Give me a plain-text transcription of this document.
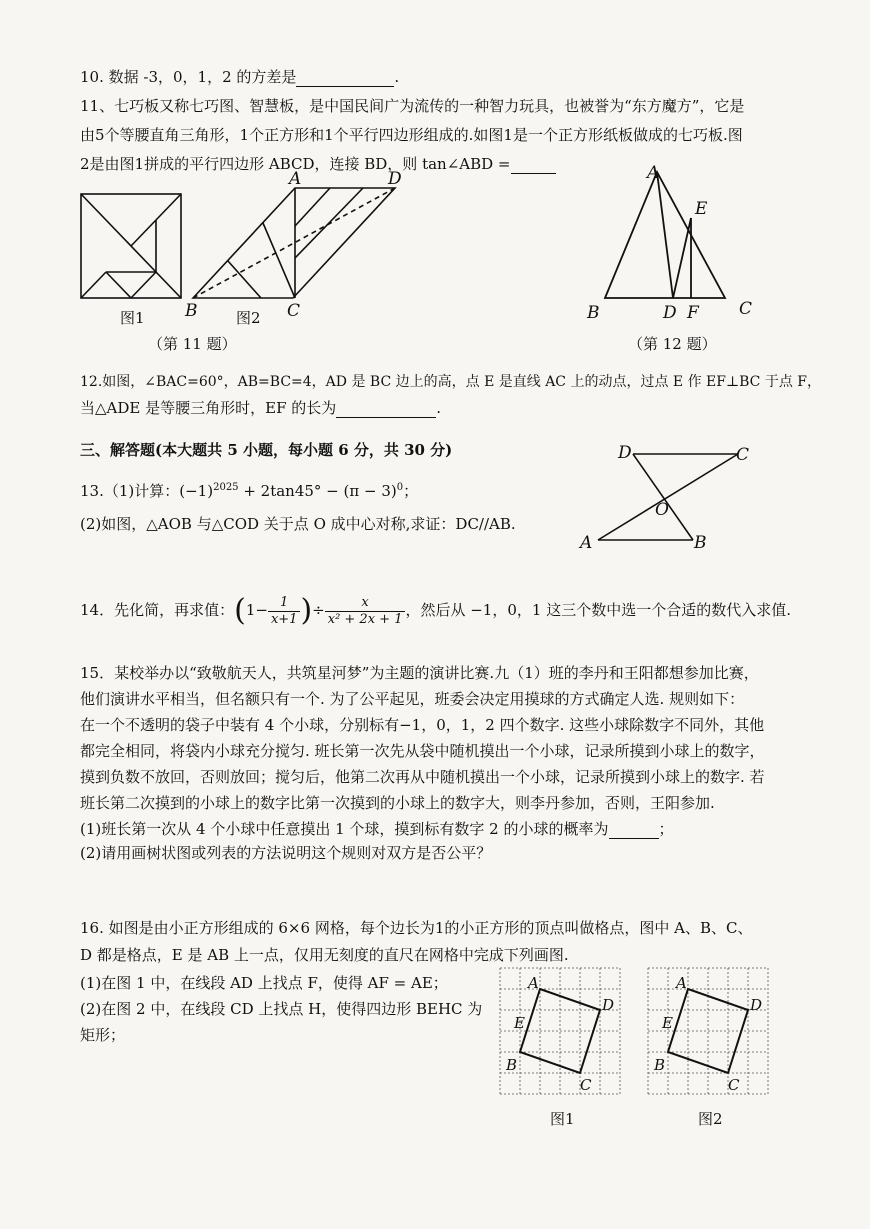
10. 数据 -3，0，1，2 的方差是	.
11、七巧板又称七巧图、智慧板，是中国民间广为流传的一种智力玩具，也被誉为“东方魔方”，它是
由5个等腰直角三角形，1个正方形和1个平行四边形组成的.如图1是一个正方形纸板做成的七巧板.图
2是由图1拼成的平行四边形 ABCD，连接 BD，则 tan∠ABD =
图1
A	D
B	C
图2
（第 11 题）
A
E
B	D F C
（第 12 题）
12.如图，∠BAC=60°，AB=BC=4，AD 是 BC 边上的高，点 E 是直线 AC 上的动点，过点 E 作 EF⊥BC 于点 F，
当△ADE 是等腰三角形时，EF 的长为	.
三、解答题(本大题共 5 小题，每小题 6 分，共 30 分)
13.（1)计算：$(-1)^{2025} + 2\tan 45^\circ - (\pi - 3)^0$；
(2)如图，△AOB 与△COD 关于点 O 成中心对称,求证：DC//AB.
D	C
O
A	B
14．先化简，再求值：($1- \frac{1}{x+1}$ )÷ $\frac{x}{\text{x² + 2x + 1}}$ ，然后从 −1，0，1 这三个数中选一个合适的数代入求值.
15．某校举办以“致敬航天人，共筑星河梦”为主题的演讲比赛.九（1）班的李丹和王阳都想参加比赛，
他们演讲水平相当，但名额只有一个. 为了公平起见，班委会决定用摸球的方式确定人选. 规则如下：
在一个不透明的袋子中装有 4 个小球，分别标有−1，0，1，2 四个数字. 这些小球除数字不同外，其他
都完全相同，将袋内小球充分搅匀. 班长第一次先从袋中随机摸出一个小球，记录所摸到小球上的数字，
摸到负数不放回，否则放回；搅匀后，他第二次再从中随机摸出一个小球，记录所摸到小球上的数字. 若
班长第二次摸到的小球上的数字比第一次摸到的小球上的数字大，则李丹参加，否则，王阳参加.
(1)班长第一次从 4 个小球中任意摸出 1 个球，摸到标有数字 2 的小球的概率为	；
(2)请用画树状图或列表的方法说明这个规则对双方是否公平？
16. 如图是由小正方形组成的 6×6 网格，每个边长为1的小正方形的顶点叫做格点，图中 A、B、C、
D 都是格点，E 是 AB 上一点，仅用无刻度的直尺在网格中完成下列画图.
(1)在图 1 中，在线段 AD 上找点 F，使得 AF = AE；
(2)在图 2 中，在线段 CD 上找点 H，使得四边形 BEHC 为
矩形；
A
D
E
B
C
图1
A
D
E
B
C
图2
